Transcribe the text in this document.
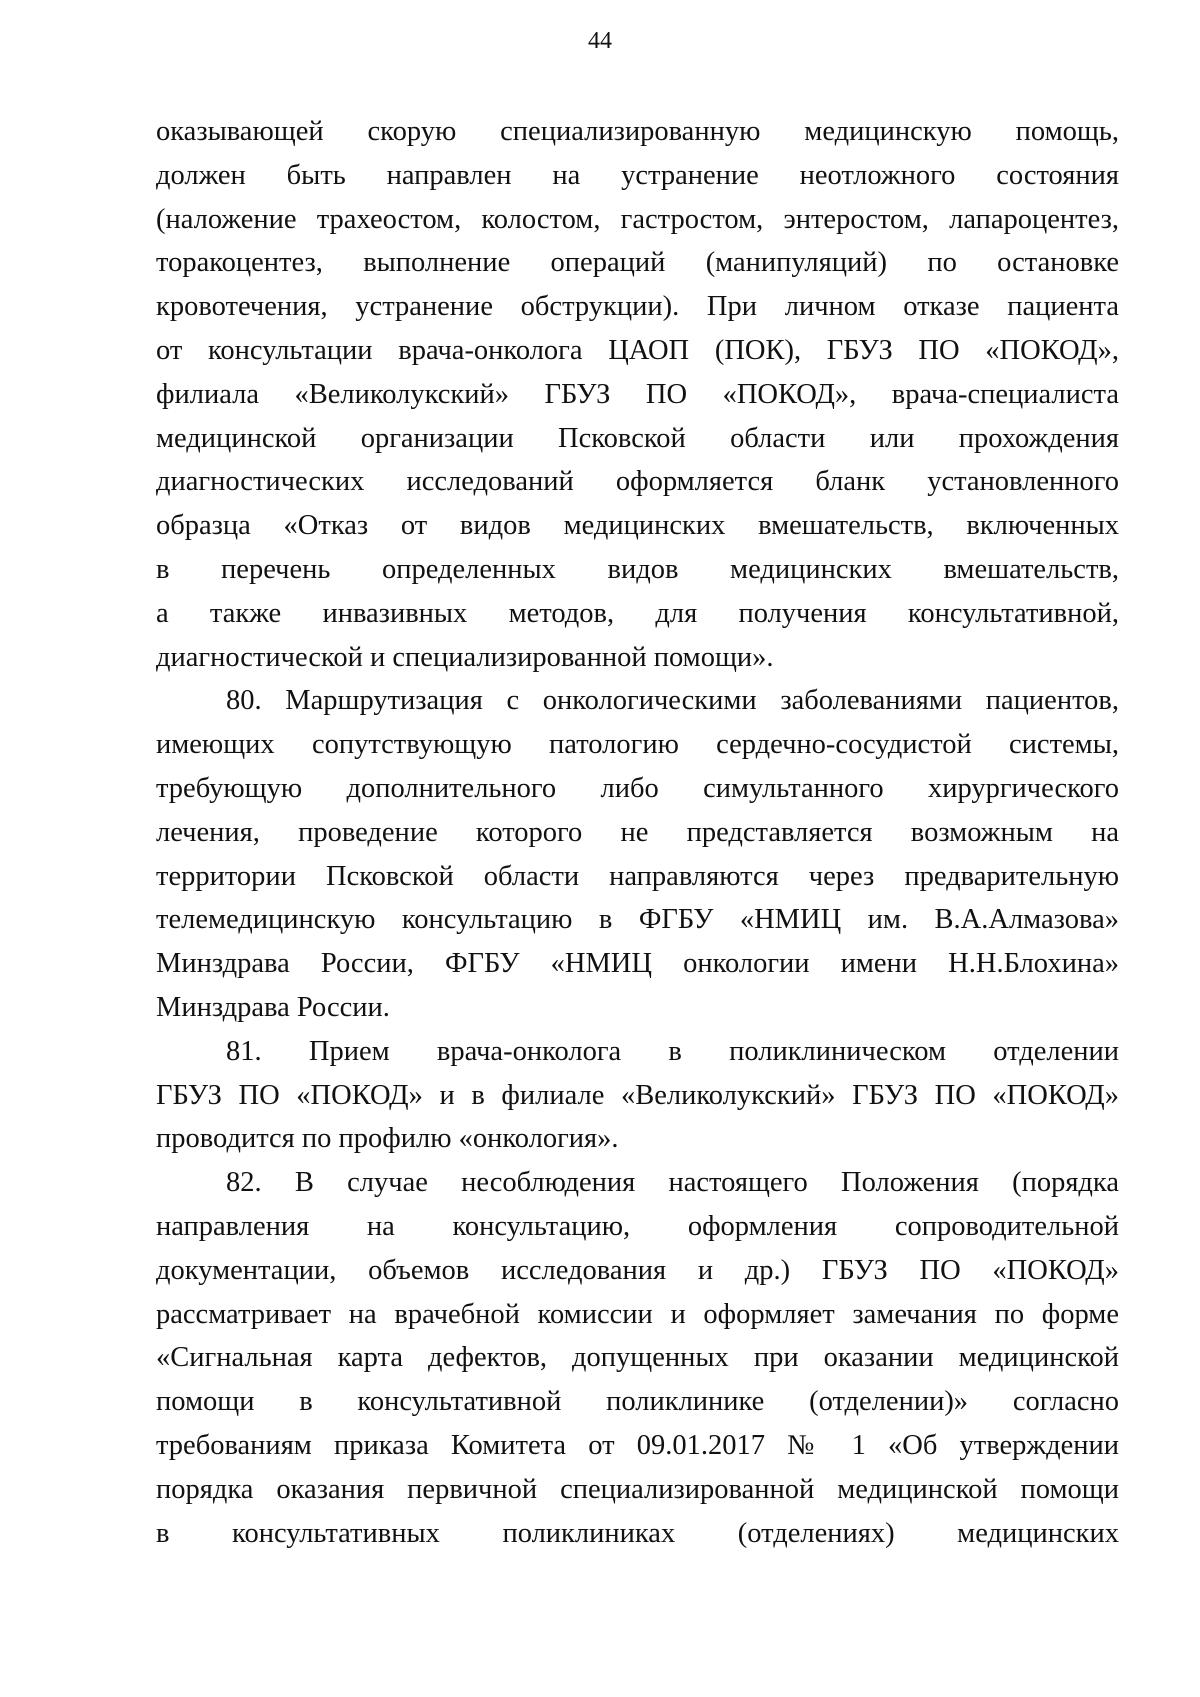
44
оказывающей скорую специализированную медицинскую помощь,
должен быть направлен на устранение неотложного состояния
(наложение трахеостом, колостом, гастростом, энтеростом, лапароцентез,
торакоцентез, выполнение операций (манипуляций) по остановке
кровотечения, устранение обструкции). При личном отказе пациента
от консультации врача-онколога ЦАОП (ПОК), ГБУЗ ПО «ПОКОД»,
филиала «Великолукский» ГБУЗ ПО «ПОКОД», врача-специалиста
медицинской организации Псковской области или прохождения
диагностических исследований оформляется бланк установленного
образца «Отказ от видов медицинских вмешательств, включенных
в перечень определенных видов медицинских вмешательств,
а также инвазивных методов, для получения консультативной,
диагностической и специализированной помощи».
80. Маршрутизация с онкологическими заболеваниями пациентов,
имеющих сопутствующую патологию сердечно-сосудистой системы,
требующую дополнительного либо симультанного хирургического
лечения, проведение которого не представляется возможным на
территории Псковской области направляются через предварительную
телемедицинскую консультацию в ФГБУ «НМИЦ им. В.А.Алмазова»
Минздрава России, ФГБУ «НМИЦ онкологии имени Н.Н.Блохина»
Минздрава России.
81. Прием врача-онколога в поликлиническом отделении
ГБУЗ ПО «ПОКОД» и в филиале «Великолукский» ГБУЗ ПО «ПОКОД»
проводится по профилю «онкология».
82. В случае несоблюдения настоящего Положения (порядка
направления на консультацию, оформления сопроводительной
документации, объемов исследования и др.) ГБУЗ ПО «ПОКОД»
рассматривает на врачебной комиссии и оформляет замечания по форме
«Сигнальная карта дефектов, допущенных при оказании медицинской
помощи в консультативной поликлинике (отделении)» согласно
требованиям приказа Комитета от 09.01.2017 № 1 «Об утверждении
порядка оказания первичной специализированной медицинской помощи
в консультативных поликлиниках (отделениях) медицинских
